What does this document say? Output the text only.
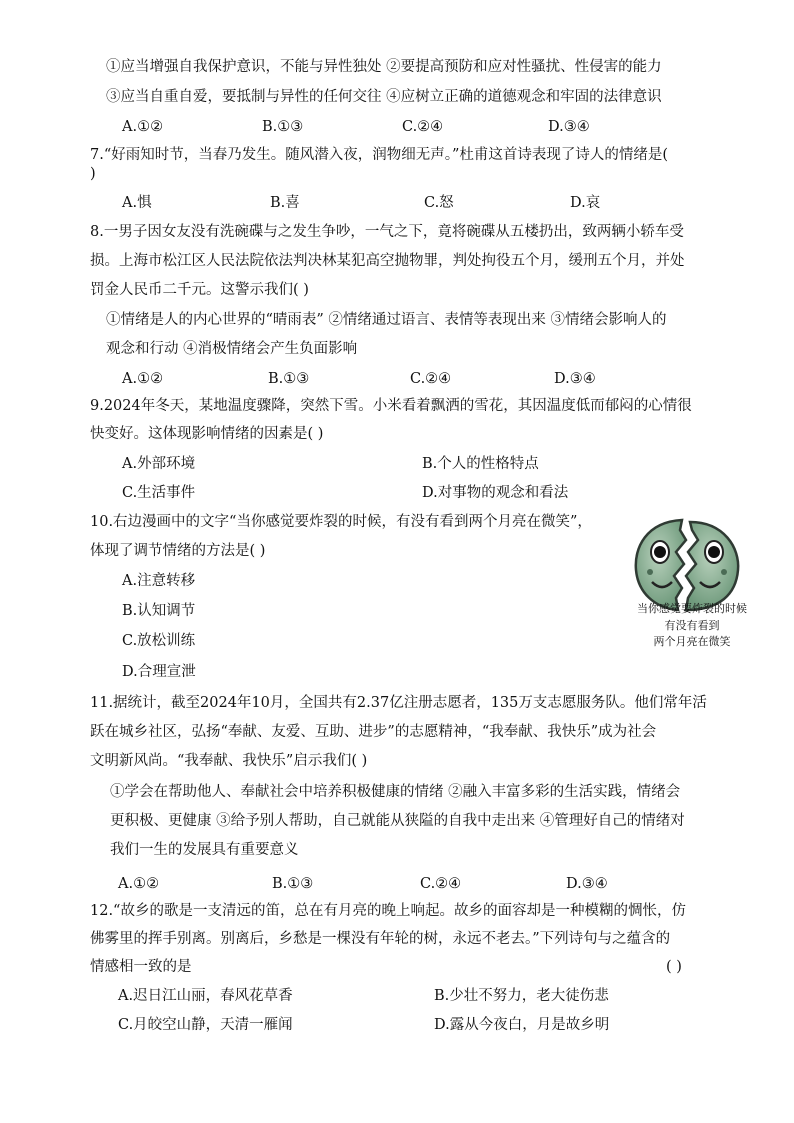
①应当增强自我保护意识，不能与异性独处 ②要提高预防和应对性骚扰、性侵害的能力
③应当自重自爱，要抵制与异性的任何交往 ④应树立正确的道德观念和牢固的法律意识
A.①②	B.①③	C.②④	D.③④
7.“好雨知时节，当春乃发生。随风潜入夜，润物细无声。”杜甫这首诗表现了诗人的情绪是(
)
A.惧	B.喜	C.怒	D.哀
8.一男子因女友没有洗碗碟与之发生争吵，一气之下，竟将碗碟从五楼扔出，致两辆小轿车受
损。上海市松江区人民法院依法判决林某犯高空抛物罪，判处拘役五个月，缓刑五个月，并处
罚金人民币二千元。这警示我们( )
①情绪是人的内心世界的“晴雨表” ②情绪通过语言、表情等表现出来 ③情绪会影响人的
观念和行动 ④消极情绪会产生负面影响
A.①②	B.①③	C.②④	D.③④
9.2024年冬天，某地温度骤降，突然下雪。小米看着飘洒的雪花，其因温度低而郁闷的心情很
快变好。这体现影响情绪的因素是( )
A.外部环境	B.个人的性格特点
C.生活事件	D.对事物的观念和看法
10.右边漫画中的文字“当你感觉要炸裂的时候，有没有看到两个月亮在微笑”，
体现了调节情绪的方法是( )
A.注意转移
B.认知调节
C.放松训练
D.合理宣泄
当你感觉要炸裂的时候
有没有看到
两个月亮在微笑
11.据统计，截至2024年10月，全国共有2.37亿注册志愿者，135万支志愿服务队。他们常年活
跃在城乡社区，弘扬“奉献、友爱、互助、进步”的志愿精神，“我奉献、我快乐”成为社会
文明新风尚。“我奉献、我快乐”启示我们( )
①学会在帮助他人、奉献社会中培养积极健康的情绪 ②融入丰富多彩的生活实践，情绪会
更积极、更健康 ③给予别人帮助，自己就能从狭隘的自我中走出来 ④管理好自己的情绪对
我们一生的发展具有重要意义
A.①②	B.①③	C.②④	D.③④
12.“故乡的歌是一支清远的笛，总在有月亮的晚上响起。故乡的面容却是一种模糊的惆怅，仿
佛雾里的挥手别离。别离后，乡愁是一棵没有年轮的树，永远不老去。”下列诗句与之蕴含的
情感相一致的是	( )
A.迟日江山丽，春风花草香	B.少壮不努力，老大徒伤悲
C.月皎空山静，天清一雁闻	D.露从今夜白，月是故乡明
